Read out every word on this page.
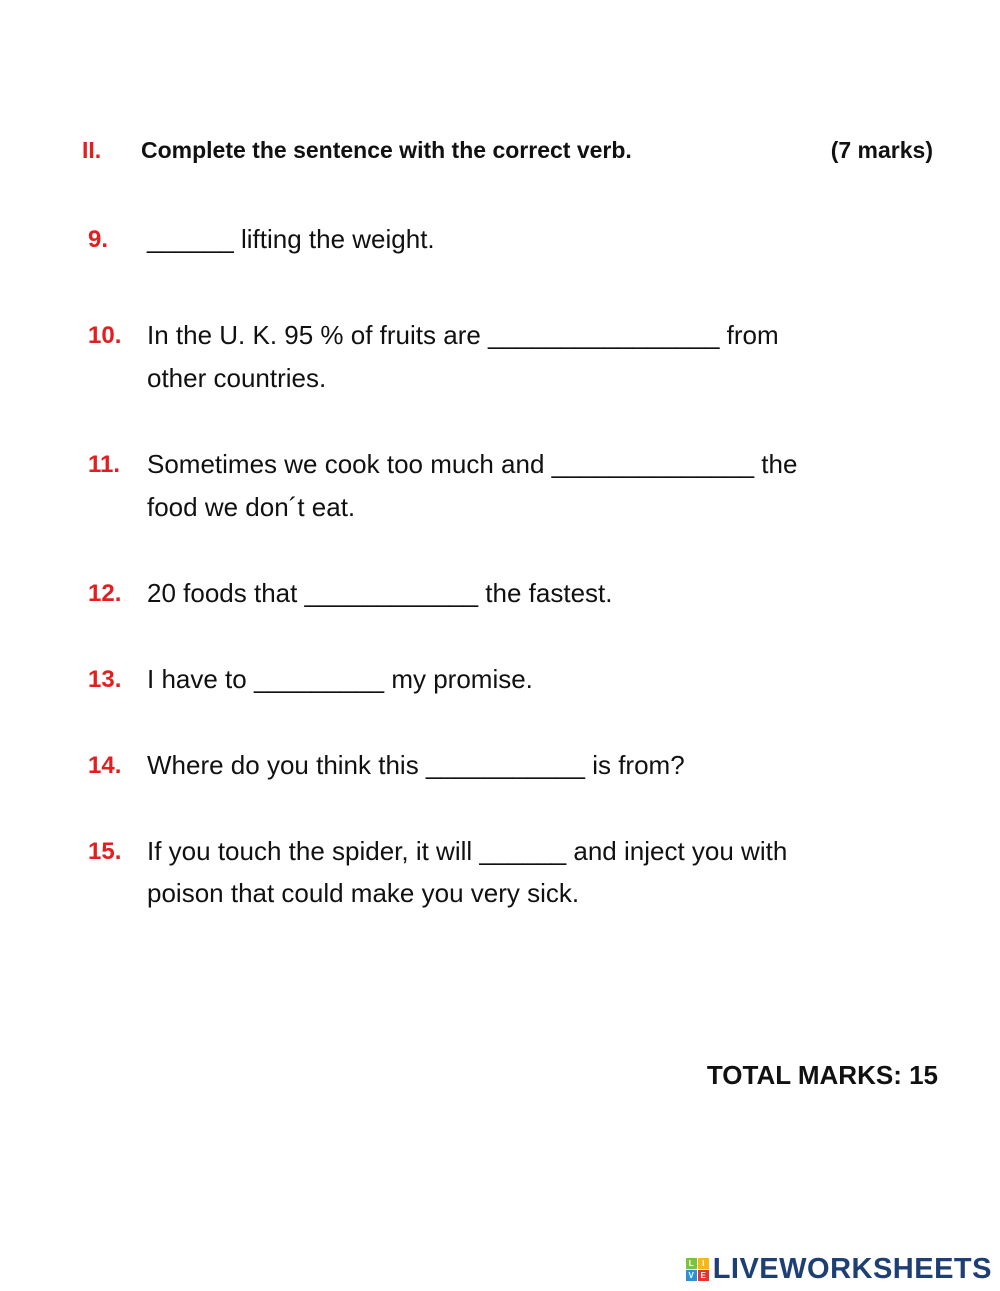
II. Complete the sentence with the correct verb.	(7 marks)
9. ______ lifting the weight.
10. In the U. K. 95 % of fruits are ________________ from
other countries.
11. Sometimes we cook too much and ______________ the
food we don´t eat.
12. 20 foods that ____________ the fastest.
13. I have to _________ my promise.
14. Where do you think this ___________ is from?
15. If you touch the spider, it will ______ and inject you with
poison that could make you very sick.
TOTAL MARKS: 15
L	I
V E LIVEWORKSHEETS
